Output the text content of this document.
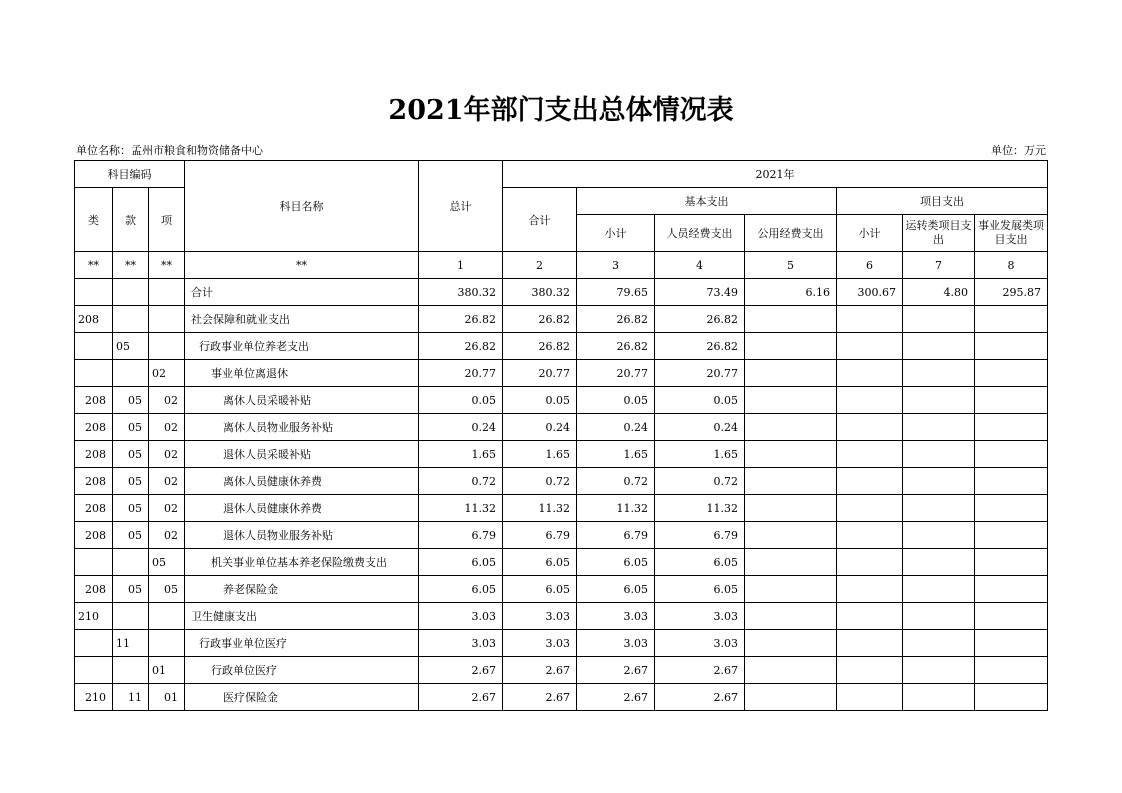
2021年部门支出总体情况表
单位名称：孟州市粮食和物资储备中心	单位：万元
科目编码			科目名称	总计	2021年						
类	款	项			合计	基本支出			项目支出		
						小计	人员经费支出	公用经费支出	小计	运转类项目支出	事业发展类项目支出
**	**	**	**	1	2	3	4	5	6	7	8
			合计	380.32	380.32	79.65	73.49	6.16	300.67	4.80	295.87
208			社会保障和就业支出	26.82	26.82	26.82	26.82				
	05		行政事业单位养老支出	26.82	26.82	26.82	26.82				
		02	事业单位离退休	20.77	20.77	20.77	20.77				
208	05	02	离休人员采暖补贴	0.05	0.05	0.05	0.05				
208	05	02	离休人员物业服务补贴	0.24	0.24	0.24	0.24				
208	05	02	退休人员采暖补贴	1.65	1.65	1.65	1.65				
208	05	02	离休人员健康休养费	0.72	0.72	0.72	0.72				
208	05	02	退休人员健康休养费	11.32	11.32	11.32	11.32				
208	05	02	退休人员物业服务补贴	6.79	6.79	6.79	6.79				
		05	机关事业单位基本养老保险缴费支出	6.05	6.05	6.05	6.05				
208	05	05	养老保险金	6.05	6.05	6.05	6.05				
210			卫生健康支出	3.03	3.03	3.03	3.03				
	11		行政事业单位医疗	3.03	3.03	3.03	3.03				
		01	行政单位医疗	2.67	2.67	2.67	2.67				
210	11	01	医疗保险金	2.67	2.67	2.67	2.67				
